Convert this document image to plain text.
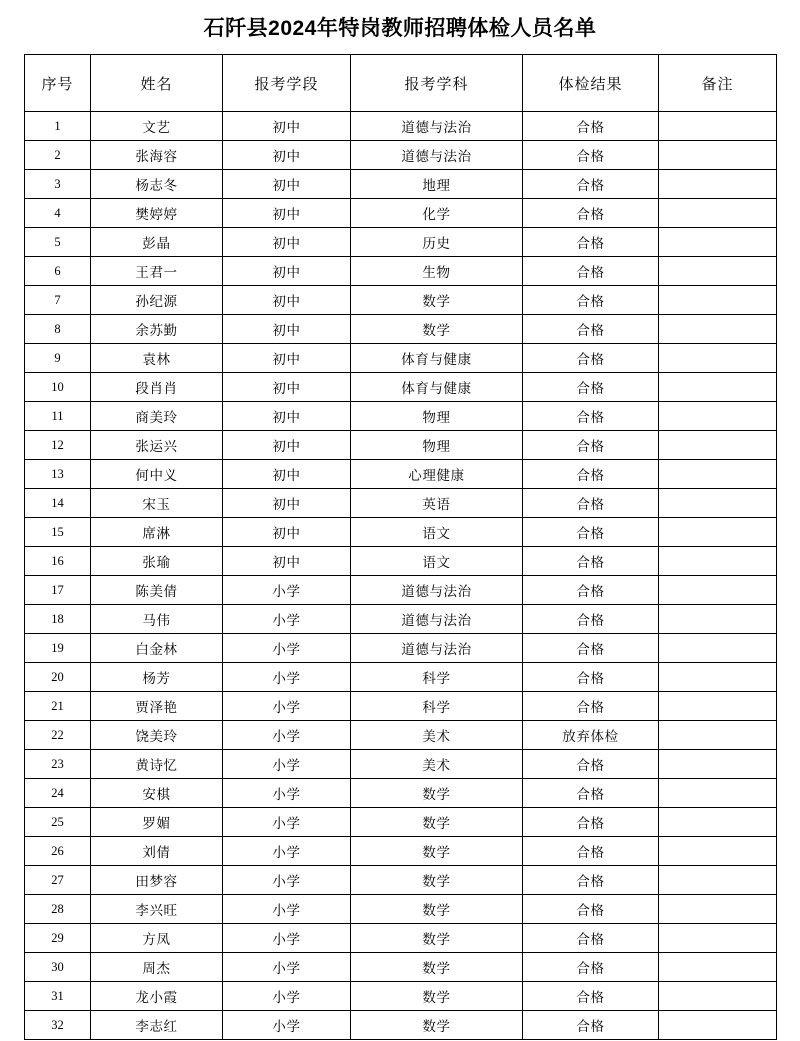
石阡县2024年特岗教师招聘体检人员名单
序号	姓名	报考学段	报考学科	体检结果	备注
1	文艺	初中	道德与法治	合格	
2	张海容	初中	道德与法治	合格	
3	杨志冬	初中	地理	合格	
4	樊婷婷	初中	化学	合格	
5	彭晶	初中	历史	合格	
6	王君一	初中	生物	合格	
7	孙纪源	初中	数学	合格	
8	余苏勤	初中	数学	合格	
9	袁林	初中	体育与健康	合格	
10	段肖肖	初中	体育与健康	合格	
11	商美玲	初中	物理	合格	
12	张运兴	初中	物理	合格	
13	何中义	初中	心理健康	合格	
14	宋玉	初中	英语	合格	
15	席淋	初中	语文	合格	
16	张瑜	初中	语文	合格	
17	陈美倩	小学	道德与法治	合格	
18	马伟	小学	道德与法治	合格	
19	白金林	小学	道德与法治	合格	
20	杨芳	小学	科学	合格	
21	贾泽艳	小学	科学	合格	
22	饶美玲	小学	美术	放弃体检	
23	黄诗忆	小学	美术	合格	
24	安棋	小学	数学	合格	
25	罗媚	小学	数学	合格	
26	刘倩	小学	数学	合格	
27	田梦容	小学	数学	合格	
28	李兴旺	小学	数学	合格	
29	方凤	小学	数学	合格	
30	周杰	小学	数学	合格	
31	龙小霞	小学	数学	合格	
32	李志红	小学	数学	合格	
